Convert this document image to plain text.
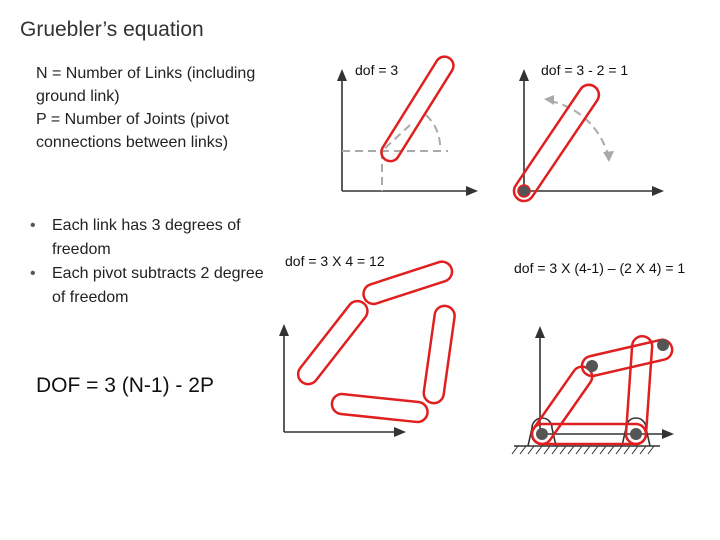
Gruebler’s equation

N = Number of Links (including ground link)

P = Number of Joints (pivot connections between links)

• Each link has 3 degrees of freedom
• Each pivot subtracts 2 degree of freedom
DOF = 3 (N-1) - 2P
dof = 3	dof = 3 - 2 = 1
dof = 3 X 4 = 12	dof = 3 X (4-1) – (2 X 4) = 1
